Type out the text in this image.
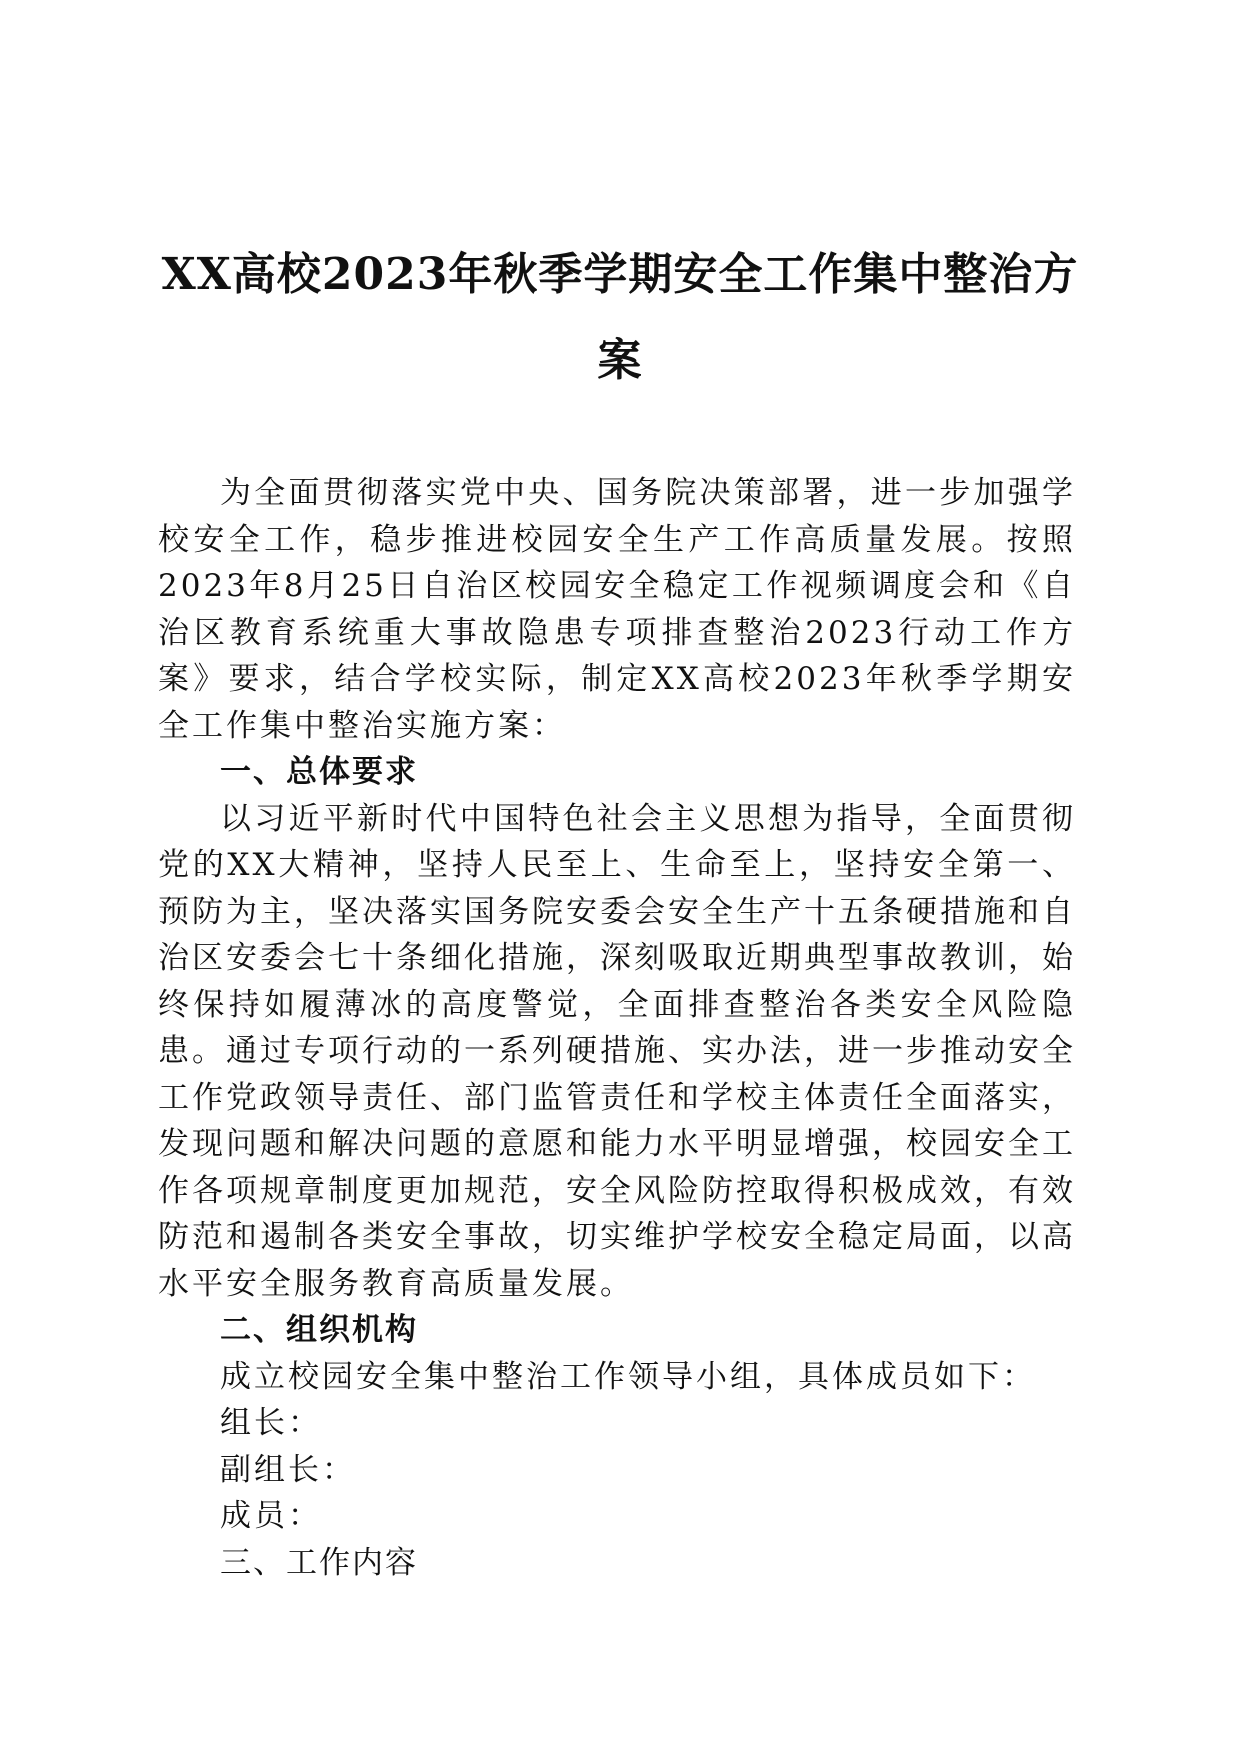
XX高校2023年秋季学期安全工作集中整治方
案

为全面贯彻落实党中央、国务院决策部署，进一步加强学校安全工作，稳步推进校园安全生产工作高质量发展。按照2023年8月25日自治区校园安全稳定工作视频调度会和《自治区教育系统重大事故隐患专项排查整治2023行动工作方案》要求，结合学校实际，制定XX高校2023年秋季学期安全工作集中整治实施方案：

一、总体要求

以习近平新时代中国特色社会主义思想为指导，全面贯彻党的XX大精神，坚持人民至上、生命至上，坚持安全第一、预防为主，坚决落实国务院安委会安全生产十五条硬措施和自治区安委会七十条细化措施，深刻吸取近期典型事故教训，始终保持如履薄冰的高度警觉，全面排查整治各类安全风险隐患。通过专项行动的一系列硬措施、实办法，进一步推动安全工作党政领导责任、部门监管责任和学校主体责任全面落实，发现问题和解决问题的意愿和能力水平明显增强，校园安全工作各项规章制度更加规范，安全风险防控取得积极成效，有效防范和遏制各类安全事故，切实维护学校安全稳定局面，以高水平安全服务教育高质量发展。

二、组织机构

成立校园安全集中整治工作领导小组，具体成员如下：

组长：

副组长：

成员：

三、工作内容
